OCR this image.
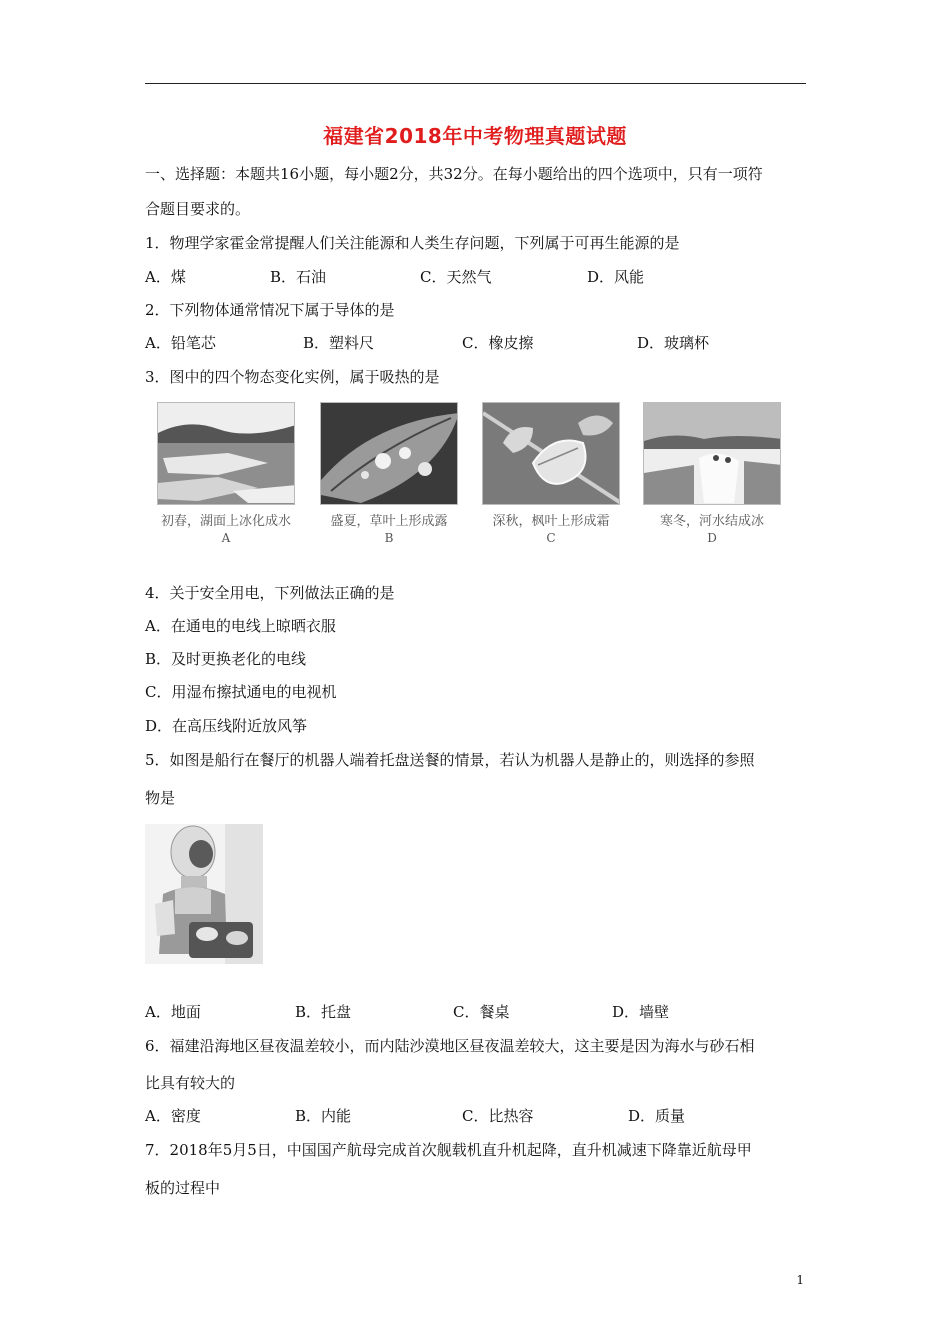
福建省2018年中考物理真题试题
一、选择题：本题共16小题，每小题2分，共32分。在每小题给出的四个选项中，只有一项符
合题目要求的。
1．物理学家霍金常提醒人们关注能源和人类生存问题，下列属于可再生能源的是
A．煤	B．石油	C．天然气	D．风能
2．下列物体通常情况下属于导体的是
A．铅笔芯	B．塑料尺	C．橡皮擦	D．玻璃杯
3．图中的四个物态变化实例，属于吸热的是
初春，湖面上冰化成水
A
盛夏，草叶上形成露
B
深秋，枫叶上形成霜
C
寒冬，河水结成冰
D
4．关于安全用电，下列做法正确的是
A．在通电的电线上晾晒衣服
B．及时更换老化的电线
C．用湿布擦拭通电的电视机
D．在高压线附近放风筝
5．如图是船行在餐厅的机器人端着托盘送餐的情景，若认为机器人是静止的，则选择的参照
物是
A．地面	B．托盘	C．餐桌	D．墙壁
6．福建沿海地区昼夜温差较小，而内陆沙漠地区昼夜温差较大，这主要是因为海水与砂石相
比具有较大的
A．密度	B．内能	C．比热容	D．质量
7．2018年5月5日，中国国产航母完成首次舰载机直升机起降，直升机减速下降靠近航母甲
板的过程中
1
